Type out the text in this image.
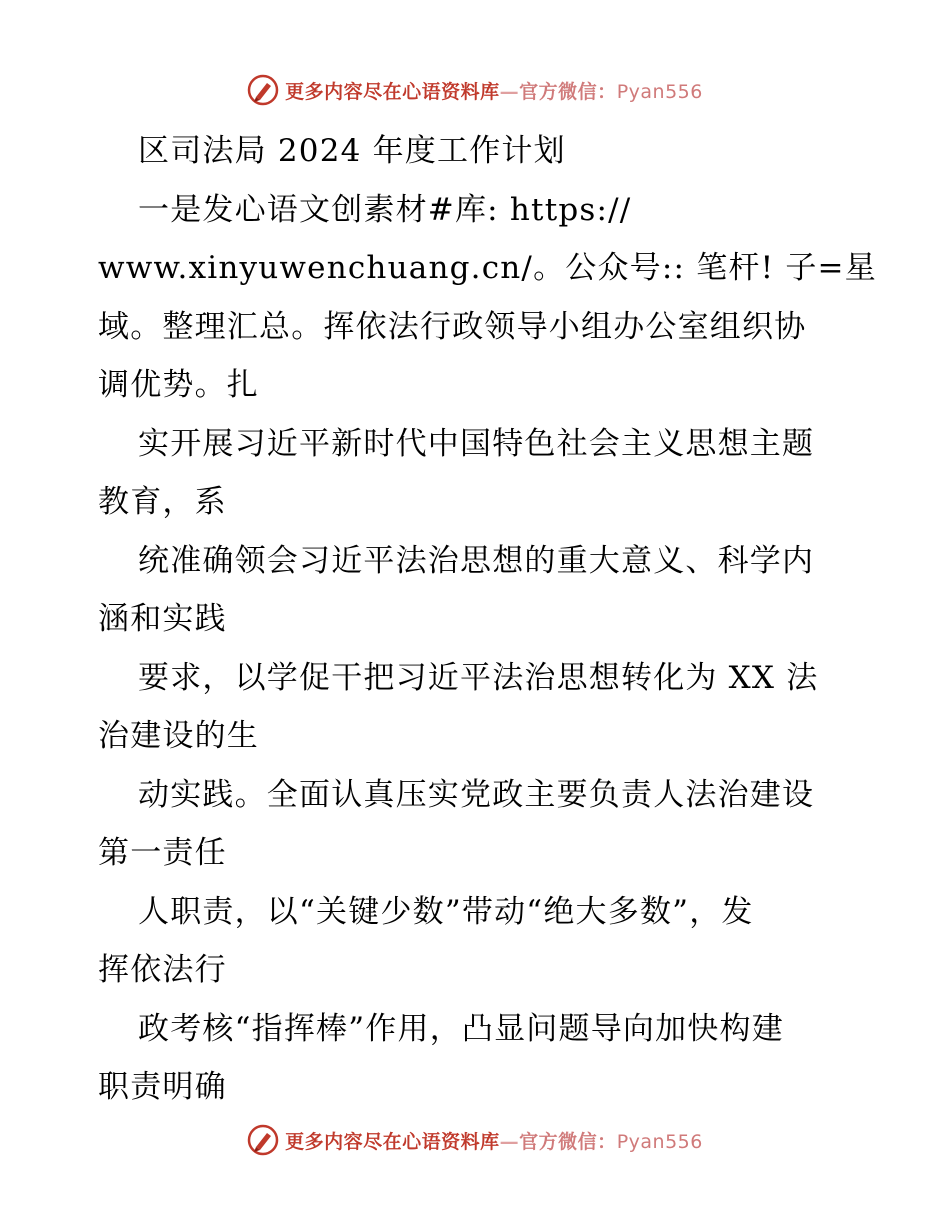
更多内容尽在心语资料库—官方微信：Pyan556
区司法局 2024 年度工作计划
一是发心语文创素材#库: https://
www.xinyuwenchuang.cn/。公众号:: 笔杆! 子=星
域。整理汇总。挥依法行政领导小组办公室组织协
调优势。扎
实开展习近平新时代中国特色社会主义思想主题
教育，系
统准确领会习近平法治思想的重大意义、科学内
涵和实践
要求，以学促干把习近平法治思想转化为 XX 法
治建设的生
动实践。全面认真压实党政主要负责人法治建设
第一责任
人职责，以“关键少数”带动“绝大多数”，发
挥依法行
政考核“指挥棒”作用，凸显问题导向加快构建
职责明确
更多内容尽在心语资料库—官方微信：Pyan556
